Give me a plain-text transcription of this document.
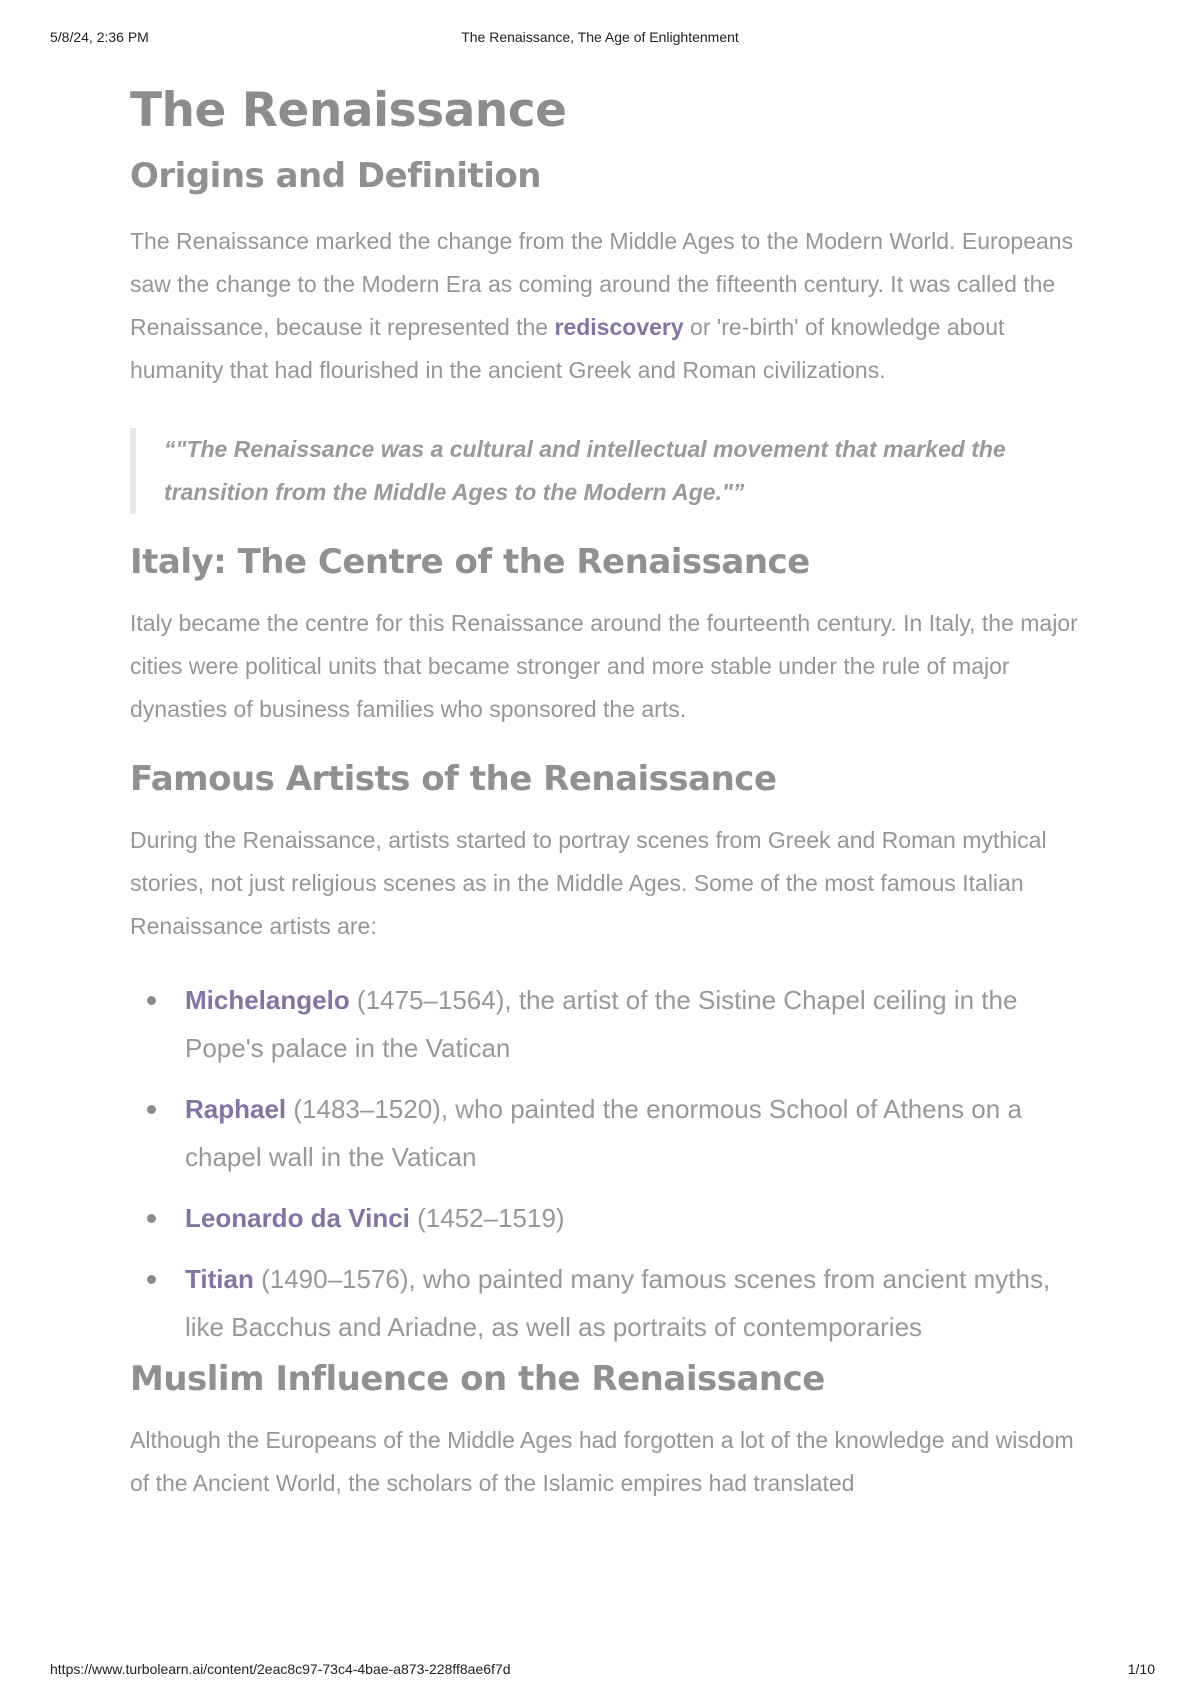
5/8/24, 2:36 PM	The Renaissance, The Age of Enlightenment
The Renaissance
Origins and Definition

The Renaissance marked the change from the Middle Ages to the Modern World. Europeans saw the change to the Modern Era as coming around the fifteenth century. It was called the Renaissance, because it represented the rediscovery or 're-birth' of knowledge about humanity that had flourished in the ancient Greek and Roman civilizations.

“"The Renaissance was a cultural and intellectual movement that marked the transition from the Middle Ages to the Modern Age."”
Italy: The Centre of the Renaissance

Italy became the centre for this Renaissance around the fourteenth century. In Italy, the major cities were political units that became stronger and more stable under the rule of major dynasties of business families who sponsored the arts.

Famous Artists of the Renaissance

During the Renaissance, artists started to portray scenes from Greek and Roman mythical stories, not just religious scenes as in the Middle Ages. Some of the most famous Italian Renaissance artists are:

Michelangelo (1475–1564), the artist of the Sistine Chapel ceiling in the Pope's palace in the Vatican
Raphael (1483–1520), who painted the enormous School of Athens on a chapel wall in the Vatican
Leonardo da Vinci (1452–1519)
Titian (1490–1576), who painted many famous scenes from ancient myths, like Bacchus and Ariadne, as well as portraits of contemporaries
Muslim Influence on the Renaissance

Although the Europeans of the Middle Ages had forgotten a lot of the knowledge and wisdom of the Ancient World, the scholars of the Islamic empires had translated

https://www.turbolearn.ai/content/2eac8c97-73c4-4bae-a873-228ff8ae6f7d	1/10
